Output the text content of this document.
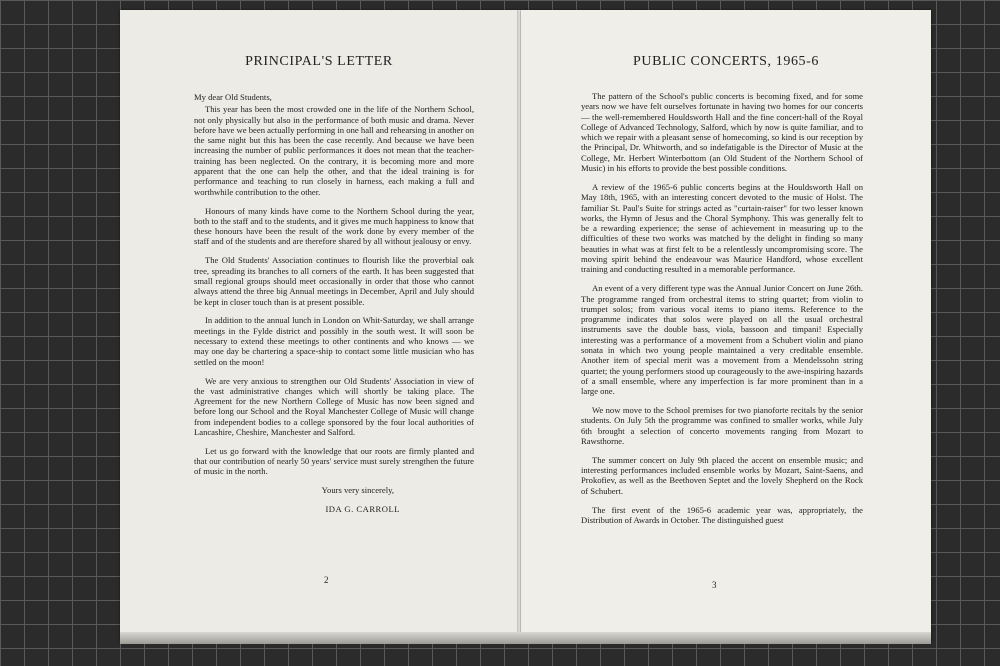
PRINCIPAL'S LETTER

My dear Old Students,

This year has been the most crowded one in the life of the Northern School, not only physically but also in the performance of both music and drama. Never before have we been actually performing in one hall and rehearsing in another on the same night but this has been the case recently. And because we have been increasing the number of public performances it does not mean that the teacher-training has been neglected. On the contrary, it is becoming more and more apparent that the one can help the other, and that the ideal training is for performance and teaching to run closely in harness, each making a full and worthwhile contribution to the other.

Honours of many kinds have come to the Northern School during the year, both to the staff and to the students, and it gives me much happiness to know that these honours have been the result of the work done by every member of the staff and of the students and are therefore shared by all without jealousy or envy.

The Old Students' Association continues to flourish like the proverbial oak tree, spreading its branches to all corners of the earth. It has been suggested that small regional groups should meet occasionally in order that those who cannot always attend the three big Annual meetings in December, April and July should be kept in closer touch than is at present possible.

In addition to the annual lunch in London on Whit-Saturday, we shall arrange meetings in the Fylde district and possibly in the south west. It will soon be necessary to extend these meetings to other continents and who knows — we may one day be chartering a space-ship to contact some little musician who has settled on the moon!

We are very anxious to strengthen our Old Students' Association in view of the vast administrative changes which will shortly be taking place. The Agreement for the new Northern College of Music has now been signed and before long our School and the Royal Manchester College of Music will change from independent bodies to a college sponsored by the four local authorities of Lancashire, Cheshire, Manchester and Salford.

Let us go forward with the knowledge that our roots are firmly planted and that our contribution of nearly 50 years' service must surely strengthen the future of music in the north.

Yours very sincerely,

IDA G. CARROLL

2
PUBLIC CONCERTS, 1965-6

The pattern of the School's public concerts is becoming fixed, and for some years now we have felt ourselves fortunate in having two homes for our concerts — the well-remembered Houldsworth Hall and the fine concert-hall of the Royal College of Advanced Technology, Salford, which by now is quite familiar, and to which we repair with a pleasant sense of homecoming, so kind is our reception by the Principal, Dr. Whitworth, and so indefatigable is the Director of Music at the College, Mr. Herbert Winterbottom (an Old Student of the Northern School of Music) in his efforts to provide the best possible conditions.

A review of the 1965-6 public concerts begins at the Houldsworth Hall on May 18th, 1965, with an interesting concert devoted to the music of Holst. The familiar St. Paul's Suite for strings acted as "curtain-raiser" for two lesser known works, the Hymn of Jesus and the Choral Symphony. This was generally felt to be a rewarding experience; the sense of achievement in measuring up to the difficulties of these two works was matched by the delight in finding so many beauties in what was at first felt to be a relentlessly uncompromising score. The moving spirit behind the endeavour was Maurice Handford, whose excellent training and conducting resulted in a memorable performance.

An event of a very different type was the Annual Junior Concert on June 26th. The programme ranged from orchestral items to string quartet; from violin to trumpet solos; from various vocal items to piano items. Reference to the programme indicates that solos were played on all the usual orchestral instruments save the double bass, viola, bassoon and timpani! Especially interesting was a performance of a movement from a Schubert violin and piano sonata in which two young people maintained a very creditable ensemble. Another item of special merit was a movement from a Mendelssohn string quartet; the young performers stood up courageously to the awe-inspiring hazards of a small ensemble, where any imperfection is far more prominent than in a large one.

We now move to the School premises for two pianoforte recitals by the senior students. On July 5th the programme was confined to smaller works, while July 6th brought a selection of concerto movements ranging from Mozart to Rawsthorne.

The summer concert on July 9th placed the accent on ensemble music; and interesting performances included ensemble works by Mozart, Saint-Saens, and Prokofiev, as well as the Beethoven Septet and the lovely Shepherd on the Rock of Schubert.

The first event of the 1965-6 academic year was, appropriately, the Distribution of Awards in October. The distinguished guest

3
